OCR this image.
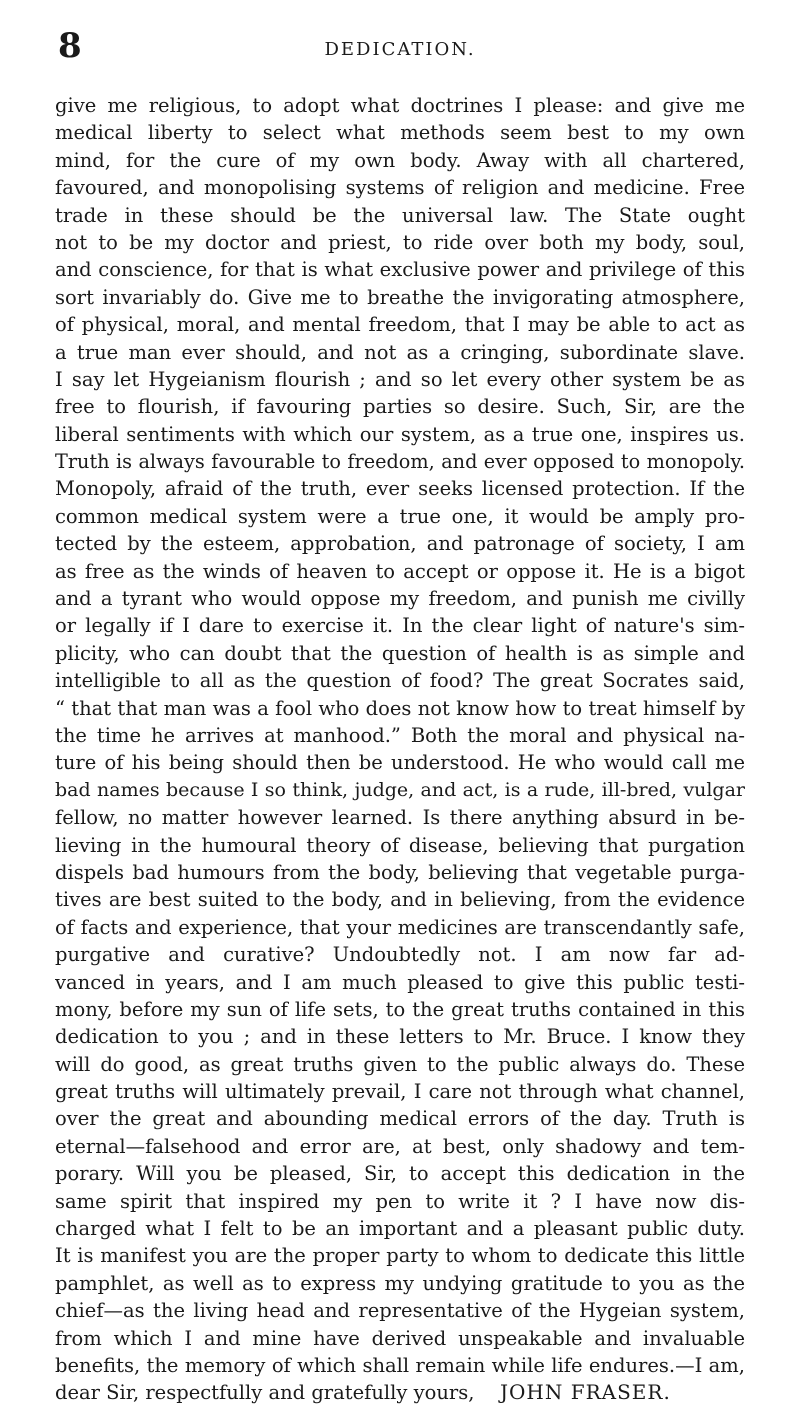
8	DEDICATION.
give me religious, to adopt what doctrines I please: and give me
medical liberty to select what methods seem best to my own
mind, for the cure of my own body. Away with all chartered,
favoured, and monopolising systems of religion and medicine. Free
trade in these should be the universal law. The State ought
not to be my doctor and priest, to ride over both my body, soul,
and conscience, for that is what exclusive power and privilege of this
sort invariably do. Give me to breathe the invigorating atmosphere,
of physical, moral, and mental freedom, that I may be able to act as
a true man ever should, and not as a cringing, subordinate slave.
I say let Hygeianism flourish ; and so let every other system be as
free to flourish, if favouring parties so desire. Such, Sir, are the
liberal sentiments with which our system, as a true one, inspires us.
Truth is always favourable to freedom, and ever opposed to monopoly.
Monopoly, afraid of the truth, ever seeks licensed protection. If the
common medical system were a true one, it would be amply pro-
tected by the esteem, approbation, and patronage of society, I am
as free as the winds of heaven to accept or oppose it. He is a bigot
and a tyrant who would oppose my freedom, and punish me civilly
or legally if I dare to exercise it. In the clear light of nature's sim-
plicity, who can doubt that the question of health is as simple and
intelligible to all as the question of food? The great Socrates said,
“ that that man was a fool who does not know how to treat himself by
the time he arrives at manhood.” Both the moral and physical na-
ture of his being should then be understood. He who would call me
bad names because I so think, judge, and act, is a rude, ill-bred, vulgar
fellow, no matter however learned. Is there anything absurd in be-
lieving in the humoural theory of disease, believing that purgation
dispels bad humours from the body, believing that vegetable purga-
tives are best suited to the body, and in believing, from the evidence
of facts and experience, that your medicines are transcendantly safe,
purgative and curative? Undoubtedly not. I am now far ad-
vanced in years, and I am much pleased to give this public testi-
mony, before my sun of life sets, to the great truths contained in this
dedication to you ; and in these letters to Mr. Bruce. I know they
will do good, as great truths given to the public always do. These
great truths will ultimately prevail, I care not through what channel,
over the great and abounding medical errors of the day. Truth is
eternal—falsehood and error are, at best, only shadowy and tem-
porary. Will you be pleased, Sir, to accept this dedication in the
same spirit that inspired my pen to write it ? I have now dis-
charged what I felt to be an important and a pleasant public duty.
It is manifest you are the proper party to whom to dedicate this little
pamphlet, as well as to express my undying gratitude to you as the
chief—as the living head and representative of the Hygeian system,
from which I and mine have derived unspeakable and invaluable
benefits, the memory of which shall remain while life endures.—I am,
dear Sir, respectfully and gratefully yours, JOHN FRASER.
